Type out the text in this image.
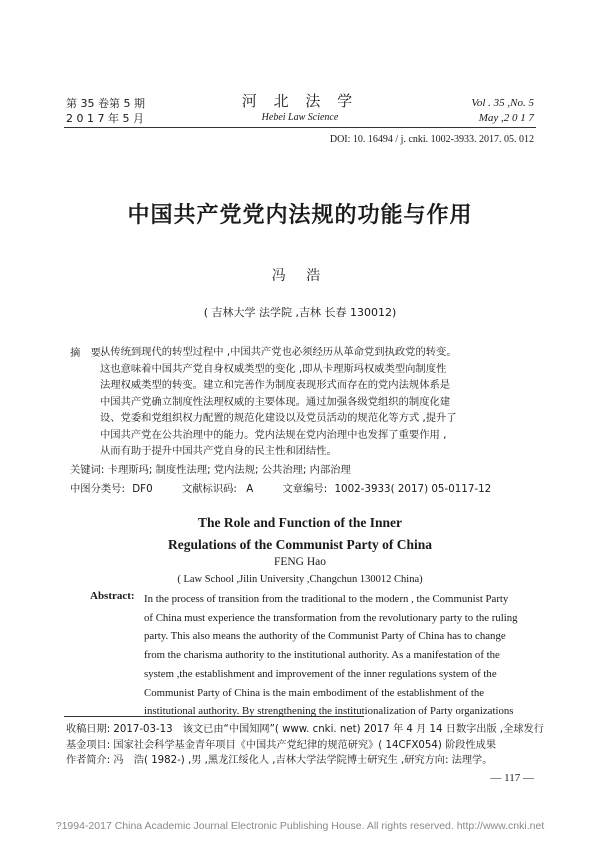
第 35 卷第 5 期
2 0 1 7 年 5 月
河 北 法 学
Hebei Law Science
Vol . 35 ,No. 5
May ,2 0 1 7
DOI: 10. 16494 / j. cnki. 1002-3933. 2017. 05. 012
中国共产党党内法规的功能与作用
冯 浩
( 吉林大学 法学院 ,吉林 长春 130012)
摘　要:
从传统到现代的转型过程中 ,中国共产党也必须经历从革命党到执政党的转变。
这也意味着中国共产党自身权威类型的变化 ,即从卡理斯玛权威类型向制度性
法理权威类型的转变。建立和完善作为制度表现形式而存在的党内法规体系是
中国共产党确立制度性法理权威的主要体现。通过加强各级党组织的制度化建
设、党委和党组织权力配置的规范化建设以及党员活动的规范化等方式 ,提升了
中国共产党在公共治理中的能力。党内法规在党内治理中也发挥了重要作用 ,
从而有助于提升中国共产党自身的民主性和团结性。
关键词: 卡理斯玛; 制度性法理; 党内法规; 公共治理; 内部治理
中图分类号: DF0	文献标识码: A	文章编号: 1002-3933( 2017) 05-0117-12
The Role and Function of the Inner
Regulations of the Communist Party of China
FENG Hao
( Law School ,Jilin University ,Changchun 130012 China)
Abstract: In the process of transition from the traditional to the modern , the Communist Party
of China must experience the transformation from the revolutionary party to the ruling
party. This also means the authority of the Communist Party of China has to change
from the charisma authority to the institutional authority. As a manifestation of the
system ,the establishment and improvement of the inner regulations system of the
Communist Party of China is the main embodiment of the establishment of the
institutional authority. By strengthening the institutionalization of Party organizations
收稿日期: 2017-03-13　该文已由“中国知网”( www. cnki. net) 2017 年 4 月 14 日数字出版 ,全球发行
基金项目: 国家社会科学基金青年项目《中国共产党纪律的规范研究》( 14CFX054) 阶段性成果
作者简介: 冯　浩( 1982-) ,男 ,黑龙江绥化人 ,吉林大学法学院博士研究生 ,研究方向: 法理学。
— 117 —
?1994-2017 China Academic Journal Electronic Publishing House. All rights reserved. http://www.cnki.net
